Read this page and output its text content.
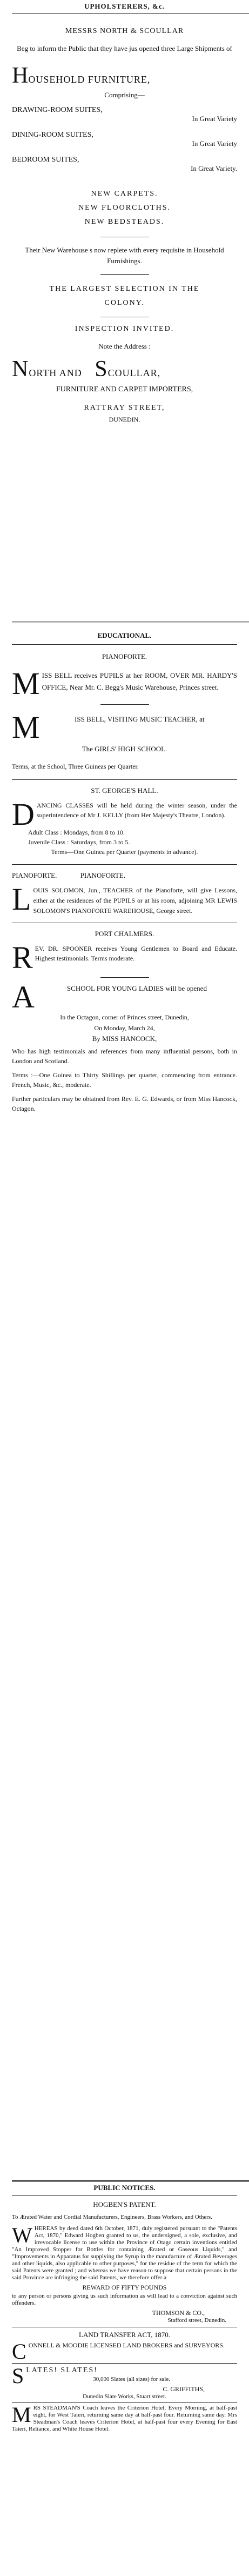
UPHOLSTERERS, &c.

MESSRS NORTH & SCOULLAR

Beg to inform the Public that they have jus opened three Large Shipments of

HOUSEHOLD FURNITURE,

Comprising—

DRAWING-ROOM SUITES,

In Great Variety

DINING-ROOM SUITES,

In Great Variety

BEDROOM SUITES,

In Great Variety.

NEW CARPETS.

NEW FLOORCLOTHS.

NEW BEDSTEADS.

Their New Warehouse s now replete with every requisite in Household Furnishings.

THE LARGEST SELECTION IN THE COLONY.

INSPECTION INVITED.

Note the Address :

NORTH AND SCOULLAR,

FURNITURE AND CARPET IMPORTERS,

RATTRAY STREET,

DUNEDIN.

EDUCATIONAL.

PIANOFORTE.

M ISS BELL receives PUPILS at her ROOM, OVER MR. HARDY'S OFFICE, Near Mr. C. Begg's Music Warehouse, Princes street.

M	ISS BELL, VISITING MUSIC TEACHER, at

The GIRLS' HIGH SCHOOL.

Terms, at the School, Three Guineas per Quarter.

ST. GEORGE'S HALL.

D ANCING CLASSES will be held during the winter season, under the superintendence of Mr J. KELLY (from Her Majesty's Theatre, London).

Adult Class : Mondays, from 8 to 10.

Juvenile Class : Saturdays, from 3 to 5.

Terms—One Guinea per Quarter (payments in advance).

PIANOFORTE. PIANOFORTE.

L OUIS SOLOMON, Jun., TEACHER of the Pianoforte, will give Lessons, either at the residences of the PUPILS or at his room, adjoining MR LEWIS SOLOMON'S PIANOFORTE WAREHOUSE, George street.

PORT CHALMERS.

R EV. DR. SPOONER receives Young Gentlemen to Board and Educate. Highest testimonials. Terms moderate.

A	SCHOOL FOR YOUNG LADIES will be opened

In the Octagon, corner of Princes street, Dunedin,

On Monday, March 24,

By MISS HANCOCK,

Who has high testimonials and references from many influential persons, both in London and Scotland.

Terms :—One Guinea to Thirty Shillings per quarter, commencing from entrance. French, Music, &c., moderate.

Further particulars may be obtained from Rev. E. G. Edwards, or from Miss Hancock, Octagon.

PUBLIC NOTICES.

HOGBEN'S PATENT.

To Ærated Water and Cordial Manufacturers, Engineers, Brass Workers, and Others.

W HEREAS by deed dated 6th October, 1871, duly registered pursuant to the "Patents Act, 1870," Edward Hogben granted to us, the undersigned, a sole, exclusive, and irrevocable license to use within the Province of Otago certain inventions entitled "An Improved Stopper for Bottles for containing Ærated or Gaseous Liquids," and "Improvements in Apparatus for supplying the Syrup in the manufacture of Ærated Beverages and other liquids, also applicable to other purposes," for the residue of the term for which the said Patents were granted ; and whereas we have reason to suppose that certain persons in the said Province are infringing the said Patents, we therefore offer a

REWARD OF FIFTY POUNDS

to any person or persons giving us such information as will lead to a conviction against such offenders.

THOMSON & CO.,

Stafford street, Dunedin.

LAND TRANSFER ACT, 1870.

C ONNELL & MOODIE LICENSED LAND BROKERS and SURVEYORS.

S LATES! SLATES!

30,000 Slates (all sizes) for sale.

C. GRIFFITHS,

Dunedin Slate Works, Stuart street.

M RS STEADMAN'S Coach leaves the Criterion Hotel, Every Morning, at half-past eight, for West Taieri, returning same day at half-past four. Returning same day. Mrs Steadman's Coach leaves Criterion Hotel, at half-past four every Evening for East Taieri, Reliance, and White House Hotel.
